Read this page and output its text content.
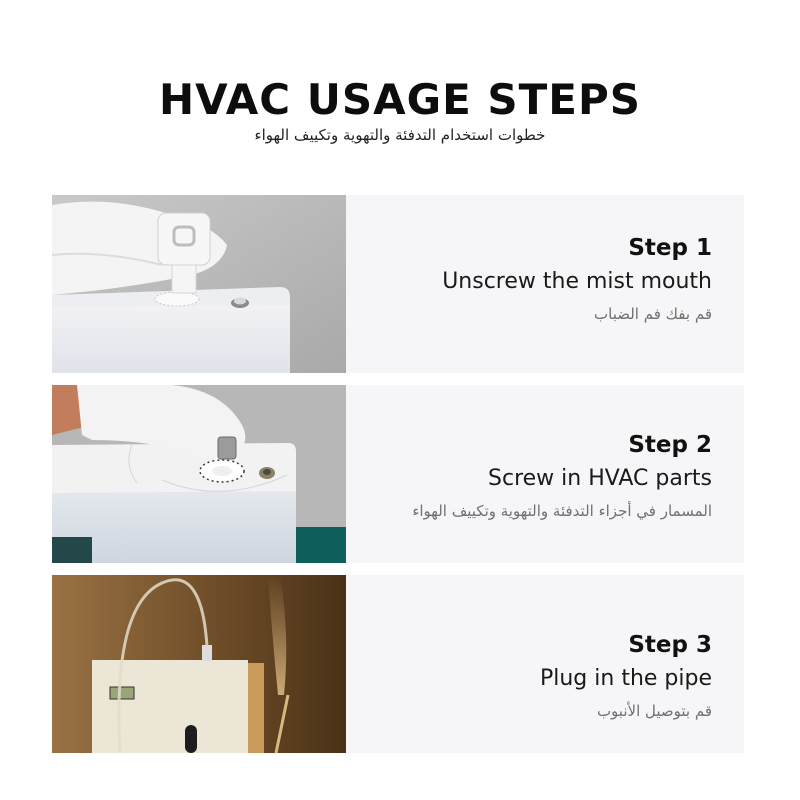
HVAC USAGE STEPS
خطوات استخدام التدفئة والتهوية وتكييف الهواء

Step 1

Unscrew the mist mouth

قم بفك فم الضباب

Step 2

Screw in HVAC parts

المسمار في أجزاء التدفئة والتهوية وتكييف الهواء

Step 3

Plug in the pipe

قم بتوصيل الأنبوب
